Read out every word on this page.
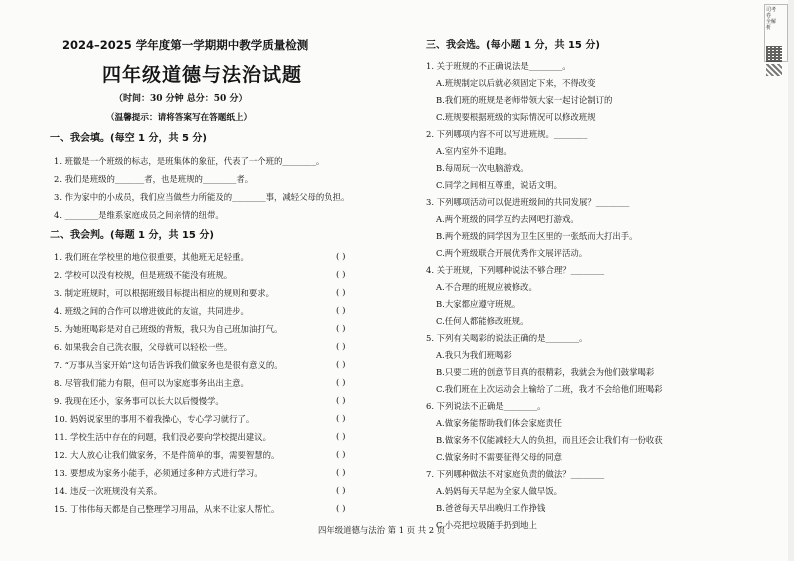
2024–2025 学年度第一学期期中教学质量检测
四年级道德与法治试题
（时间：30 分钟 总分：50 分）
（温馨提示：请将答案写在答题纸上）
一、我会填。(每空 1 分，共 5 分)
1. 班徽是一个班级的标志，是班集体的象征，代表了一个班的________。
2. 我们是班级的_______者，也是班规的________者。
3. 作为家中的小成员，我们应当做些力所能及的________事，减轻父母的负担。
4. ________是维系家庭成员之间亲情的纽带。
二、我会判。(每题 1 分，共 15 分)
1. 我们班在学校里的地位很重要，其他班无足轻重。	( )
2. 学校可以没有校规，但是班级不能没有班规。	( )
3. 制定班规时，可以根据班级目标提出相应的规则和要求。	( )
4. 班级之间的合作可以增进彼此的友谊，共同进步。	( )
5. 为她班喝彩是对自己班级的背叛，我只为自己班加油打气。	( )
6. 如果我会自己洗衣服，父母就可以轻松一些。	( )
7. “万事从当家开始”这句话告诉我们做家务也是很有意义的。	( )
8. 尽管我们能力有限，但可以为家庭事务出出主意。	( )
9. 我现在还小，家务事可以长大以后慢慢学。	( )
10. 妈妈说家里的事用不着我操心，专心学习就行了。	( )
11. 学校生活中存在的问题，我们没必要向学校提出建议。	( )
12. 大人放心让我们做家务，不是件简单的事，需要智慧的。	( )
13. 要想成为家务小能手，必须通过多种方式进行学习。	( )
14. 违反一次班规没有关系。	( )
15. 丁伟伟每天都是自己整理学习用品，从来不让家人帮忙。	( )
三、我会选。(每小题 1 分，共 15 分)
1. 关于班规的不正确说法是________。
A.班规制定以后就必须固定下来，不得改变
B.我们班的班规是老师带领大家一起讨论制订的
C.班规要根据班级的实际情况可以修改班规
2. 下列哪项内容不可以写进班规。________
A.室内室外不追跑。
B.每周玩一次电脑游戏。
C.同学之间相互尊重，说话文明。
3. 下列哪项活动可以促进班级间的共同发展？________
A.两个班级的同学互约去网吧打游戏。
B.两个班级的同学因为卫生区里的一张纸而大打出手。
C.两个班级联合开展优秀作文展评活动。
4. 关于班规，下列哪种说法不够合理？________
A.不合理的班规应被修改。
B.大家都应遵守班规。
C.任何人都能修改班规。
5. 下列有关喝彩的说法正确的是________。
A.我只为我们班喝彩
B.只要二班的创意节目真的很精彩，我就会为他们鼓掌喝彩
C.我们班在上次运动会上输给了二班，我才不会给他们班喝彩
6. 下列说法不正确是________。
A.做家务能帮助我们体会家庭责任
B.做家务不仅能减轻大人的负担，而且还会让我们有一份收获
C.做家务时不需要征得父母的同意
7. 下列哪种做法不对家庭负责的做法？________
A.妈妈每天早起为全家人做早饭。
B.爸爸每天早出晚归工作挣钱
C.小亮把垃圾随手扔到地上
四年级道德与法治 第 1 页 共 2 页
司考卷 全解析
